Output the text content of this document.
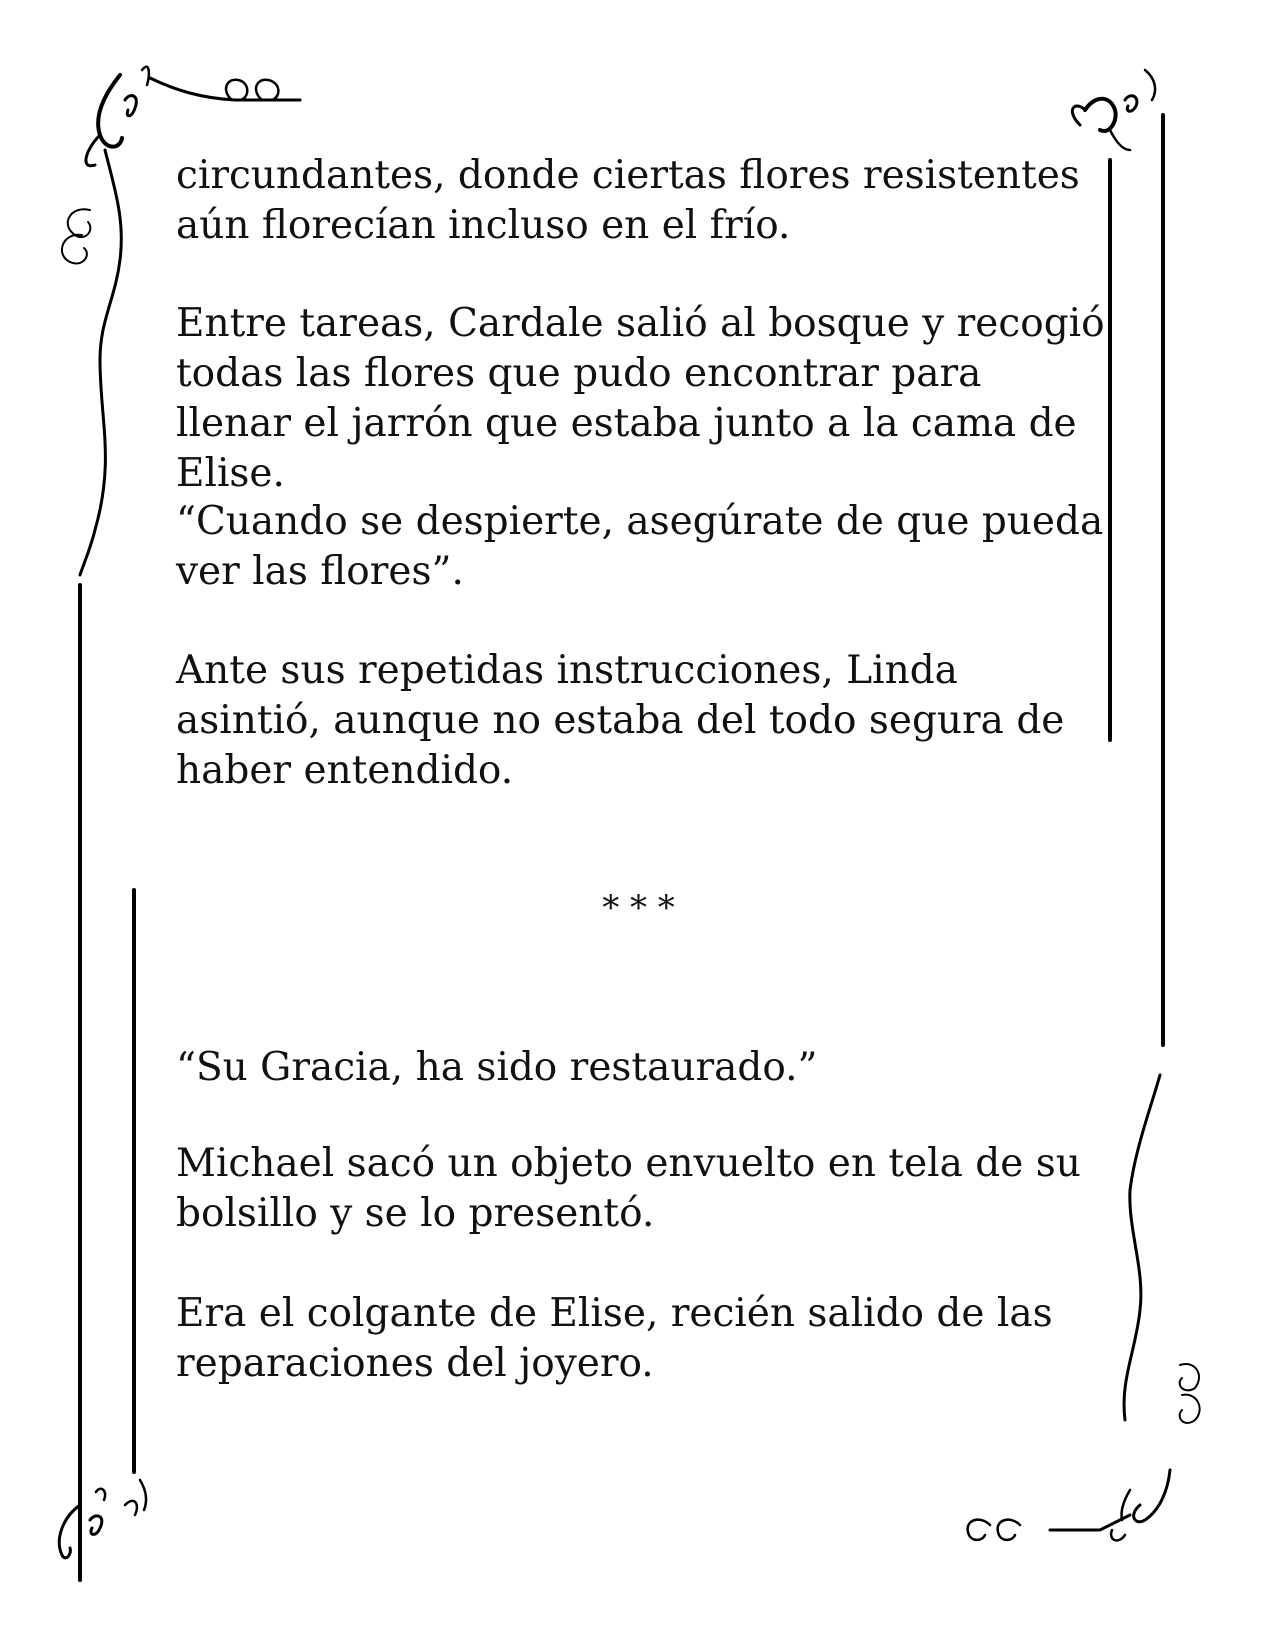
circundantes, donde ciertas flores resistentes aún florecían incluso en el frío.

Entre tareas, Cardale salió al bosque y recogió todas las flores que pudo encontrar para llenar el jarrón que estaba junto a la cama de Elise.

“Cuando se despierte, asegúrate de que pueda ver las flores”.

Ante sus repetidas instrucciones, Linda asintió, aunque no estaba del todo segura de haber entendido.

* * *

“Su Gracia, ha sido restaurado.”

Michael sacó un objeto envuelto en tela de su bolsillo y se lo presentó.

Era el colgante de Elise, recién salido de las reparaciones del joyero.
